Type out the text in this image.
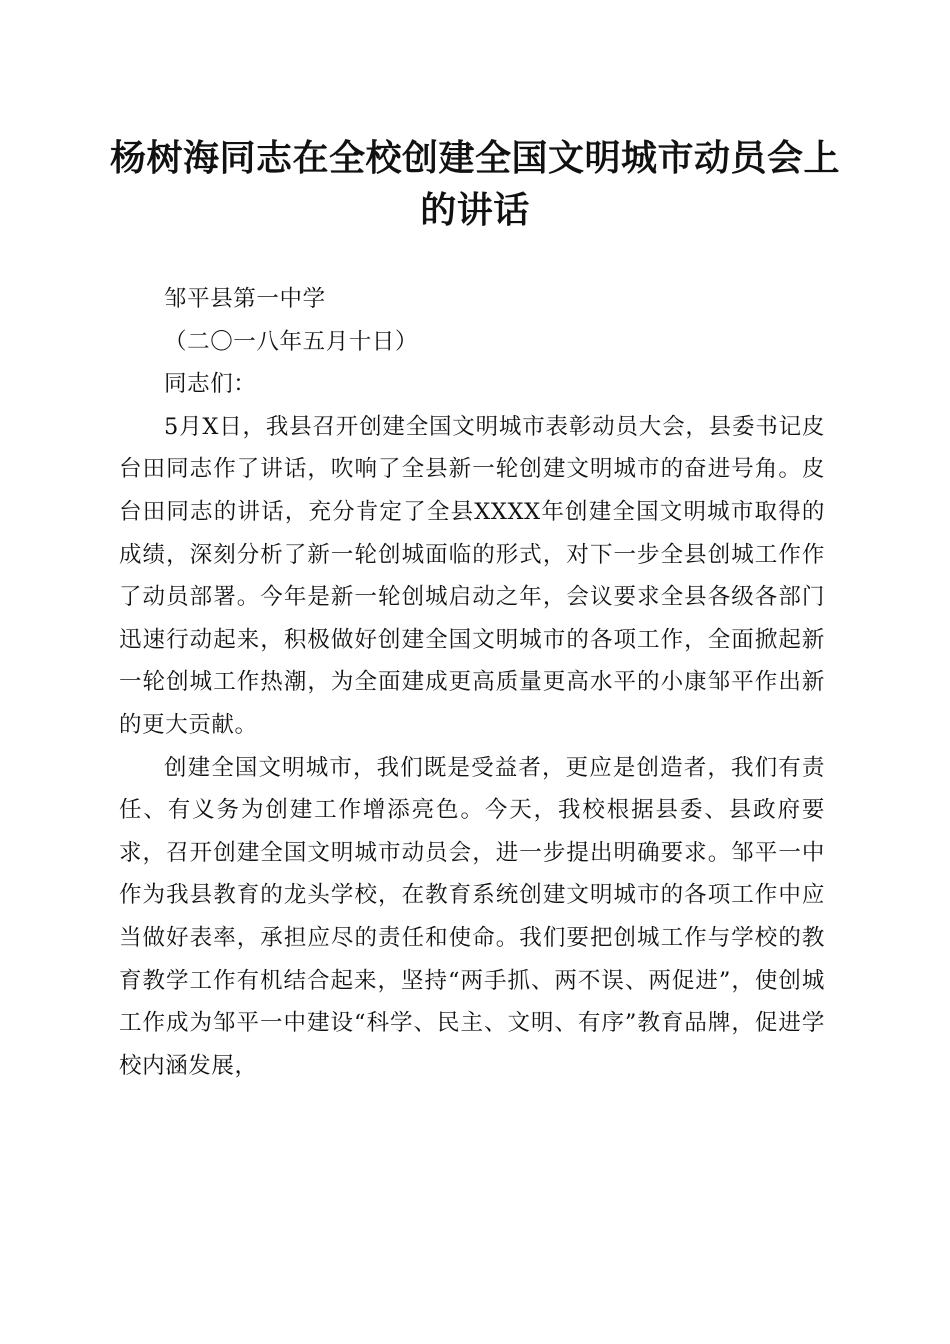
杨树海同志在全校创建全国文明城市动员会上的讲话

邹平县第一中学

（二〇一八年五月十日）

同志们：

5月X日，我县召开创建全国文明城市表彰动员大会，县委书记皮台田同志作了讲话，吹响了全县新一轮创建文明城市的奋进号角。皮台田同志的讲话，充分肯定了全县XXXX年创建全国文明城市取得的成绩，深刻分析了新一轮创城面临的形式，对下一步全县创城工作作了动员部署。今年是新一轮创城启动之年，会议要求全县各级各部门迅速行动起来，积极做好创建全国文明城市的各项工作，全面掀起新一轮创城工作热潮，为全面建成更高质量更高水平的小康邹平作出新的更大贡献。

创建全国文明城市，我们既是受益者，更应是创造者，我们有责任、有义务为创建工作增添亮色。今天，我校根据县委、县政府要求，召开创建全国文明城市动员会，进一步提出明确要求。邹平一中作为我县教育的龙头学校，在教育系统创建文明城市的各项工作中应当做好表率，承担应尽的责任和使命。我们要把创城工作与学校的教育教学工作有机结合起来，坚持“两手抓、两不误、两促进”，使创城工作成为邹平一中建设“科学、民主、文明、有序”教育品牌，促进学校内涵发展，
